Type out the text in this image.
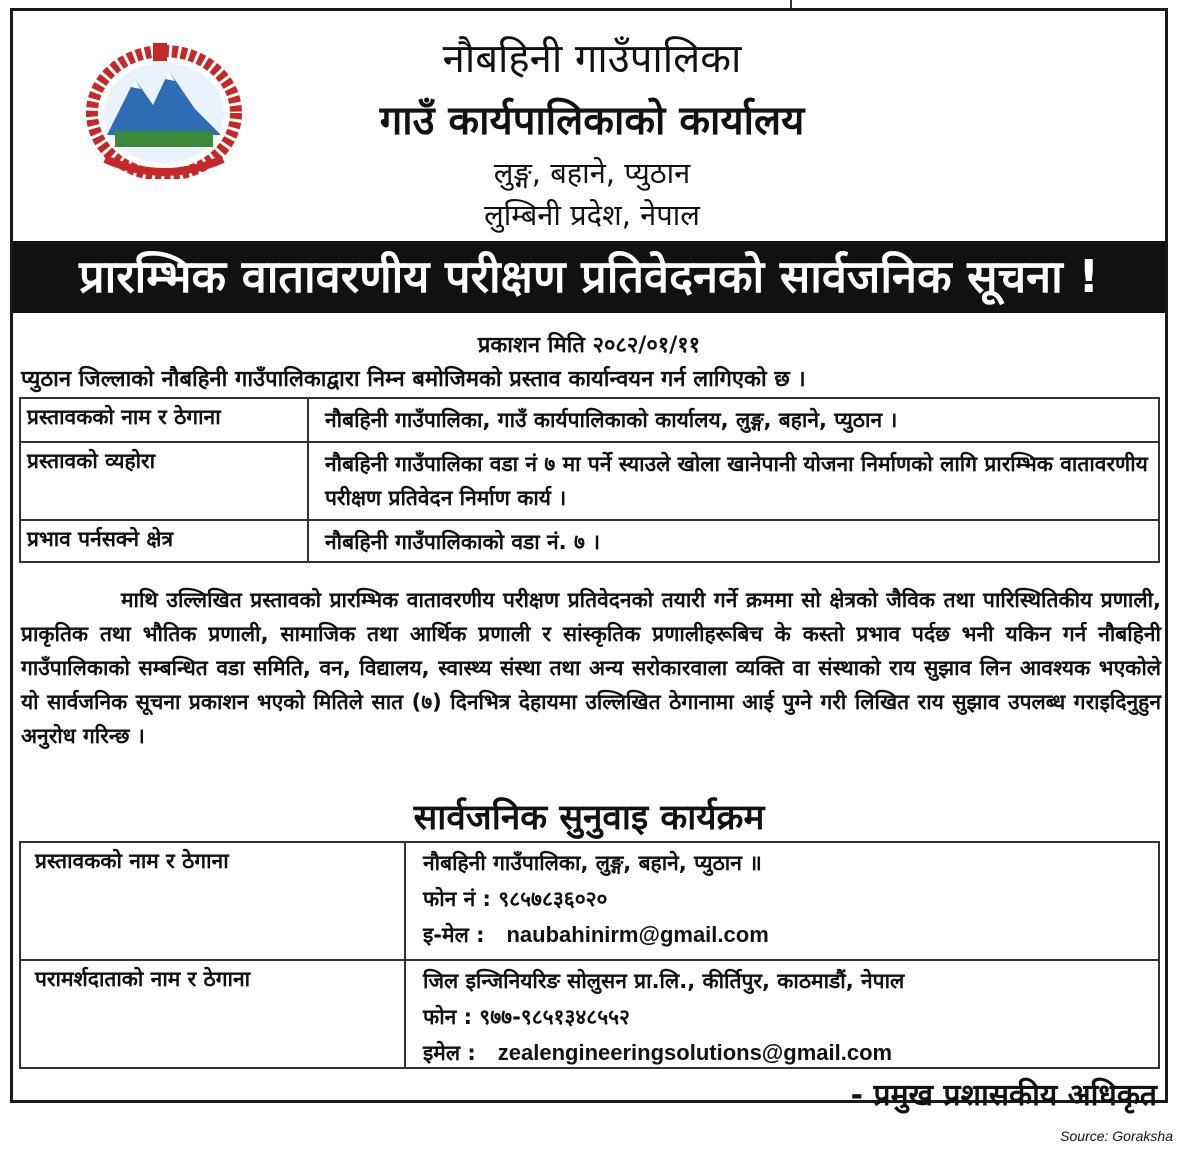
नौबहिनी गाउँपालिका
गाउँ कार्यपालिकाको कार्यालय
लुङ्ग, बहाने, प्युठान
लुम्बिनी प्रदेश, नेपाल
प्रारम्भिक वातावरणीय परीक्षण प्रतिवेदनको सार्वजनिक सूचना !
प्रकाशन मिति २०८२/०१/११
प्युठान जिल्लाको नौबहिनी गाउँपालिकाद्वारा निम्न बमोजिमको प्रस्ताव कार्यान्वयन गर्न लागिएको छ ।
प्रस्तावकको नाम र ठेगाना	नौबहिनी गाउँपालिका, गाउँ कार्यपालिकाको कार्यालय, लुङ्ग, बहाने, प्युठान ।
प्रस्तावको व्यहोरा	नौबहिनी गाउँपालिका वडा नं ७ मा पर्ने स्याउले खोला खानेपानी योजना निर्माणको लागि प्रारम्भिक वातावरणीय परीक्षण प्रतिवेदन निर्माण कार्य ।
प्रभाव पर्नसक्ने क्षेत्र	नौबहिनी गाउँपालिकाको वडा नं. ७ ।
माथि उल्लिखित प्रस्तावको प्रारम्भिक वातावरणीय परीक्षण प्रतिवेदनको तयारी गर्ने क्रममा सो क्षेत्रको जैविक तथा पारिस्थितिकीय प्रणाली, प्राकृतिक तथा भौतिक प्रणाली, सामाजिक तथा आर्थिक प्रणाली र सांस्कृतिक प्रणालीहरूबिच के कस्तो प्रभाव पर्दछ भनी यकिन गर्न नौबहिनी गाउँपालिकाको सम्बन्धित वडा समिति, वन, विद्यालय, स्वास्थ्य संस्था तथा अन्य सरोकारवाला व्यक्ति वा संस्थाको राय सुझाव लिन आवश्यक भएकोले यो सार्वजनिक सूचना प्रकाशन भएको मितिले सात (७) दिनभित्र देहायमा उल्लिखित ठेगानामा आई पुग्ने गरी लिखित राय सुझाव उपलब्ध गराइदिनुहुन अनुरोध गरिन्छ ।
सार्वजनिक सुनुवाइ कार्यक्रम
प्रस्तावकको नाम र ठेगाना	नौबहिनी गाउँपालिका, लुङ्ग, बहाने, प्युठान ॥
फोन नं : ९८५७८३६०२०
इ-मेल : naubahinirm@gmail.com
परामर्शदाताको नाम र ठेगाना	जिल इन्जिनियरिङ सोलुसन प्रा.लि., कीर्तिपुर, काठमाडौं, नेपाल
फोन : ९७७-९८५१३४८५५२
इमेल : zealengineeringsolutions@gmail.com
- प्रमुख प्रशासकीय अधिकृत
Source: Goraksha
